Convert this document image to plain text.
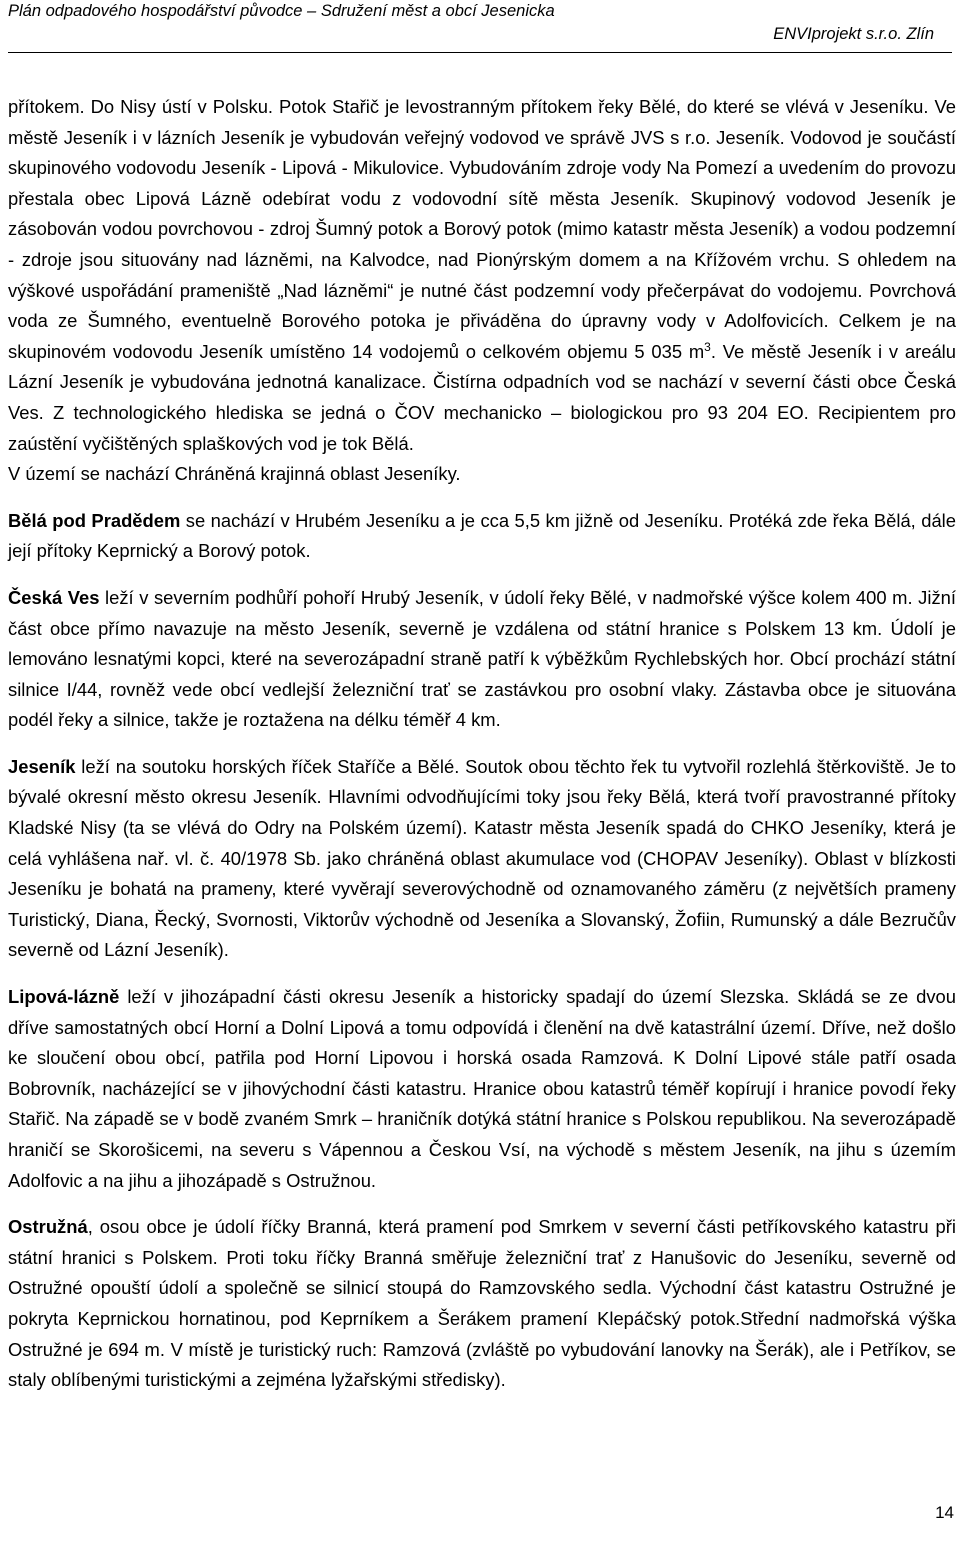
Plán odpadového hospodářství původce – Sdružení měst a obcí Jesenicka
ENVIprojekt s.r.o. Zlín

přítokem. Do Nisy ústí v Polsku. Potok Stařič je levostranným přítokem řeky Bělé, do které se vlévá v Jeseníku. Ve městě Jeseník i v lázních Jeseník je vybudován veřejný vodovod ve správě JVS s r.o. Jeseník. Vodovod je součástí skupinového vodovodu Jeseník - Lipová - Mikulovice. Vybudováním zdroje vody Na Pomezí a uvedením do provozu přestala obec Lipová Lázně odebírat vodu z vodovodní sítě města Jeseník. Skupinový vodovod Jeseník je zásobován vodou povrchovou - zdroj Šumný potok a Borový potok (mimo katastr města Jeseník) a vodou podzemní - zdroje jsou situovány nad lázněmi, na Kalvodce, nad Pionýrským domem a na Křížovém vrchu. S ohledem na výškové uspořádání prameniště „Nad lázněmi“ je nutné část podzemní vody přečerpávat do vodojemu. Povrchová voda ze Šumného, eventuelně Borového potoka je přiváděna do úpravny vody v Adolfovicích. Celkem je na skupinovém vodovodu Jeseník umístěno 14 vodojemů o celkovém objemu 5 035 $m^3$. Ve městě Jeseník i v areálu Lázní Jeseník je vybudována jednotná kanalizace. Čistírna odpadních vod se nachází v severní části obce Česká Ves. Z technologického hlediska se jedná o ČOV mechanicko – biologickou pro 93 204 EO. Recipientem pro zaústění vyčištěných splaškových vod je tok Bělá.
V území se nachází Chráněná krajinná oblast Jeseníky.

Bělá pod Pradědem se nachází v Hrubém Jeseníku a je cca 5,5 km jižně od Jeseníku. Protéká zde řeka Bělá, dále její přítoky Keprnický a Borový potok.

Česká Ves leží v severním podhůří pohoří Hrubý Jeseník, v údolí řeky Bělé, v nadmořské výšce kolem 400 m. Jižní část obce přímo navazuje na město Jeseník, severně je vzdálena od státní hranice s Polskem 13 km. Údolí je lemováno lesnatými kopci, které na severozápadní straně patří k výběžkům Rychlebských hor. Obcí prochází státní silnice I/44, rovněž vede obcí vedlejší železniční trať se zastávkou pro osobní vlaky. Zástavba obce je situována podél řeky a silnice, takže je roztažena na délku téměř 4 km.

Jeseník leží na soutoku horských říček Staříče a Bělé. Soutok obou těchto řek tu vytvořil rozlehlá štěrkoviště. Je to bývalé okresní město okresu Jeseník. Hlavními odvodňujícími toky jsou řeky Bělá, která tvoří pravostranné přítoky Kladské Nisy (ta se vlévá do Odry na Polském území). Katastr města Jeseník spadá do CHKO Jeseníky, která je celá vyhlášena nař. vl. č. 40/1978 Sb. jako chráněná oblast akumulace vod (CHOPAV Jeseníky). Oblast v blízkosti Jeseníku je bohatá na prameny, které vyvěrají severovýchodně od oznamovaného záměru (z největších prameny Turistický, Diana, Řecký, Svornosti, Viktorův východně od Jeseníka a Slovanský, Žofiin, Rumunský a dále Bezručův severně od Lázní Jeseník).

Lipová-lázně leží v jihozápadní části okresu Jeseník a historicky spadají do území Slezska. Skládá se ze dvou dříve samostatných obcí Horní a Dolní Lipová a tomu odpovídá i členění na dvě katastrální území. Dříve, než došlo ke sloučení obou obcí, patřila pod Horní Lipovou i horská osada Ramzová. K Dolní Lipové stále patří osada Bobrovník, nacházející se v jihovýchodní části katastru. Hranice obou katastrů téměř kopírují i hranice povodí řeky Stařič. Na západě se v bodě zvaném Smrk – hraničník dotýká státní hranice s Polskou republikou. Na severozápadě hraničí se Skorošicemi, na severu s Vápennou a Českou Vsí, na východě s městem Jeseník, na jihu s územím Adolfovic a na jihu a jihozápadě s Ostružnou.

Ostružná, osou obce je údolí říčky Branná, která pramení pod Smrkem v severní části petříkovského katastru při státní hranici s Polskem. Proti toku říčky Branná směřuje železniční trať z Hanušovic do Jeseníku, severně od Ostružné opouští údolí a společně se silnicí stoupá do Ramzovského sedla. Východní část katastru Ostružné je pokryta Keprnickou hornatinou, pod Keprníkem a Šerákem pramení Klepáčský potok.Střední nadmořská výška Ostružné je 694 m. V místě je turistický ruch: Ramzová (zvláště po vybudování lanovky na Šerák), ale i Petříkov, se staly oblíbenými turistickými a zejména lyžařskými středisky).

14
